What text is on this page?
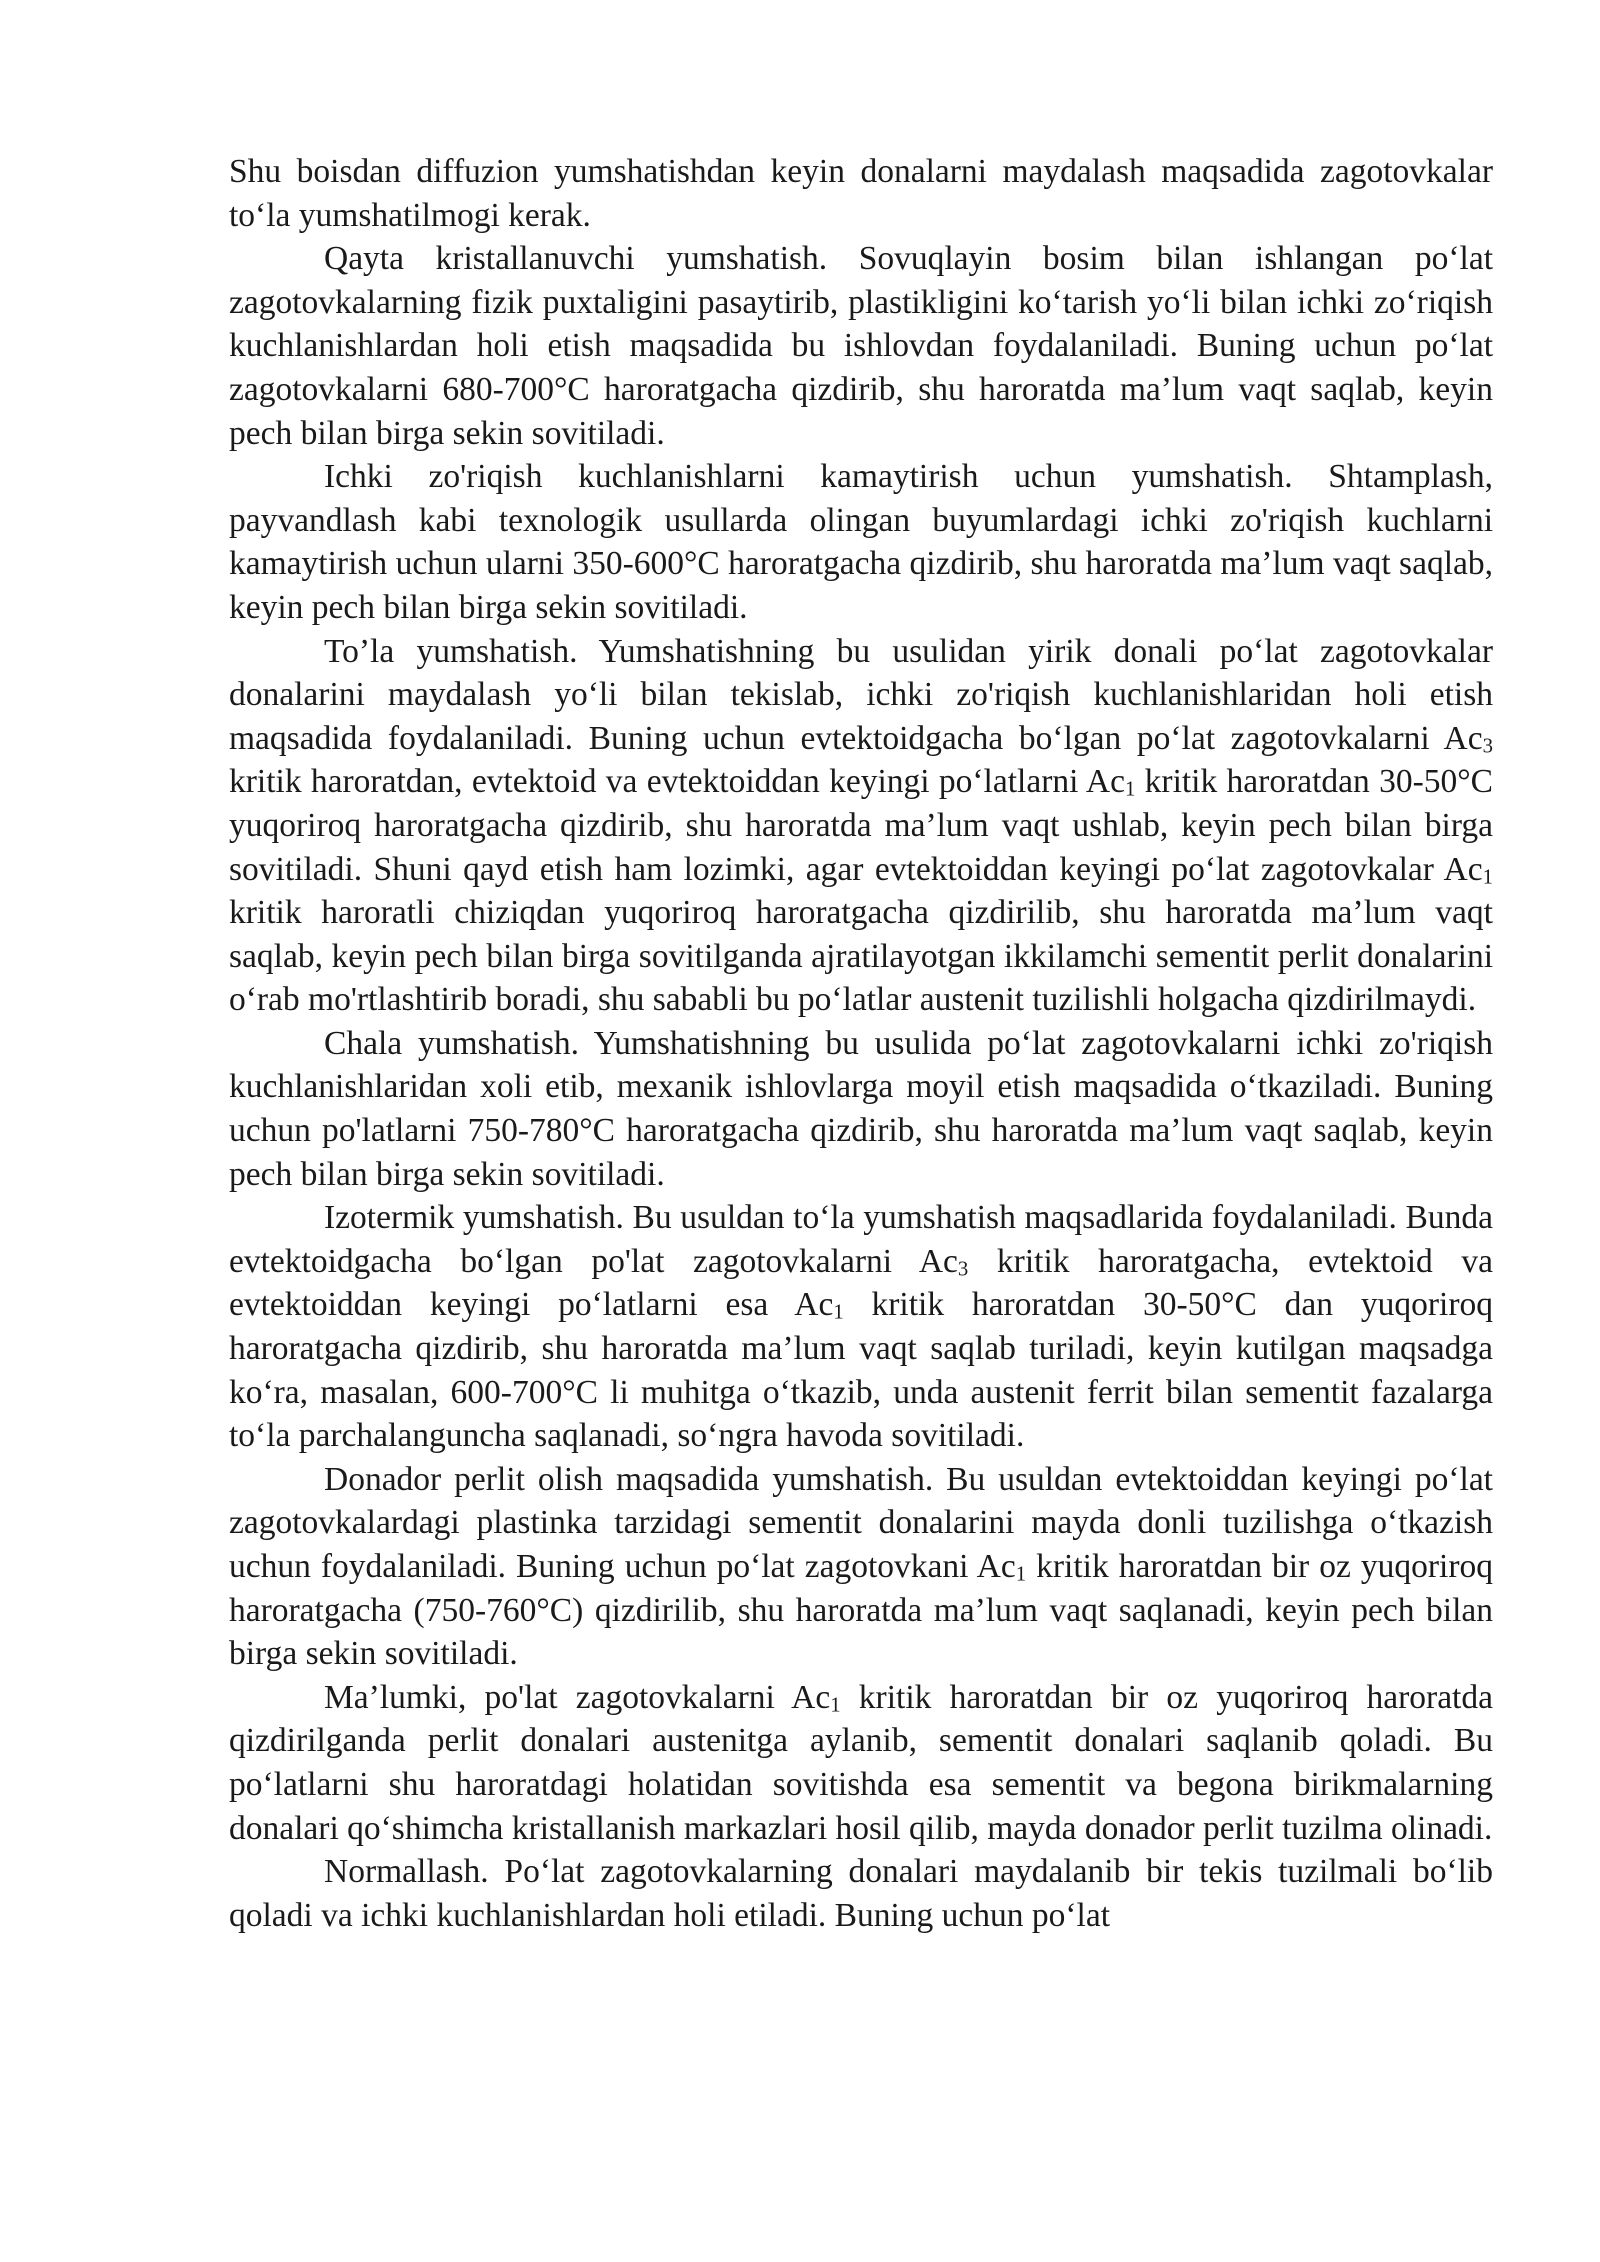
Shu boisdan diffuzion yumshatishdan keyin donalarni maydalash maqsadida zagotovkalar to‘la yumshatilmogi kerak.

Qayta kristallanuvchi yumshatish. Sovuqlayin bosim bilan ishlangan po‘lat zagotovkalarning fizik puxtaligini pasaytirib, plastikligini ko‘tarish yo‘li bilan ichki zo‘riqish kuchlanishlardan holi etish maqsadida bu ishlovdan foydalaniladi. Buning uchun po‘lat zagotovkalarni 680-700°C haroratgacha qizdirib, shu haroratda ma’lum vaqt saqlab, keyin pech bilan birga sekin sovitiladi.

Ichki zo'riqish kuchlanishlarni kamaytirish uchun yumshatish. Shtamplash, payvandlash kabi texnologik usullarda olingan buyumlardagi ichki zo'riqish kuchlarni kamaytirish uchun ularni 350-600°C haroratgacha qizdirib, shu haroratda ma’lum vaqt saqlab, keyin pech bilan birga sekin sovitiladi.

To’la yumshatish. Yumshatishning bu usulidan yirik donali po‘lat zagotovkalar donalarini maydalash yo‘li bilan tekislab, ichki zo'riqish kuchlanishlaridan holi etish maqsadida foydalaniladi. Buning uchun evtektoidgacha bo‘lgan po‘lat zagotovkalarni $Ac_3$ kritik haroratdan, evtektoid va evtektoiddan keyingi po‘latlarni $Ac_1$ kritik haroratdan 30-50°C yuqoriroq haroratgacha qizdirib, shu haroratda ma’lum vaqt ushlab, keyin pech bilan birga sovitiladi. Shuni qayd etish ham lozimki, agar evtektoiddan keyingi po‘lat zagotovkalar $Ac_1$ kritik haroratli chiziqdan yuqoriroq haroratgacha qizdirilib, shu haroratda ma’lum vaqt saqlab, keyin pech bilan birga sovitilganda ajratilayotgan ikkilamchi sementit perlit donalarini o‘rab mo'rtlashtirib boradi, shu sababli bu po‘latlar austenit tuzilishli holgacha qizdirilmaydi.

Chala yumshatish. Yumshatishning bu usulida po‘lat zagotovkalarni ichki zo'riqish kuchlanishlaridan xoli etib, mexanik ishlovlarga moyil etish maqsadida o‘tkaziladi. Buning uchun po'latlarni 750-780°C haroratgacha qizdirib, shu haroratda ma’lum vaqt saqlab, keyin pech bilan birga sekin sovitiladi.

Izotermik yumshatish. Bu usuldan to‘la yumshatish maqsadlarida foydalaniladi. Bunda evtektoidgacha bo‘lgan po'lat zagotovkalarni $Ac_3$ kritik haroratgacha, evtektoid va evtektoiddan keyingi po‘latlarni esa $Ac_1$ kritik haroratdan 30-50°C dan yuqoriroq haroratgacha qizdirib, shu haroratda ma’lum vaqt saqlab turiladi, keyin kutilgan maqsadga ko‘ra, masalan, 600-700°C li muhitga o‘tkazib, unda austenit ferrit bilan sementit fazalarga to‘la parchalanguncha saqlanadi, so‘ngra havoda sovitiladi.

Donador perlit olish maqsadida yumshatish. Bu usuldan evtektoiddan keyingi po‘lat zagotovkalardagi plastinka tarzidagi sementit donalarini mayda donli tuzilishga o‘tkazish uchun foydalaniladi. Buning uchun po‘lat zagotovkani $Ac_1$ kritik haroratdan bir oz yuqoriroq haroratgacha (750-760°C) qizdirilib, shu haroratda ma’lum vaqt saqlanadi, keyin pech bilan birga sekin sovitiladi.

Ma’lumki, po'lat zagotovkalarni $Ac_1$ kritik haroratdan bir oz yuqoriroq haroratda qizdirilganda perlit donalari austenitga aylanib, sementit donalari saqlanib qoladi. Bu po‘latlarni shu haroratdagi holatidan sovitishda esa sementit va begona birikmalarning donalari qo‘shimcha kristallanish markazlari hosil qilib, mayda donador perlit tuzilma olinadi.

Normallash. Po‘lat zagotovkalarning donalari maydalanib bir tekis tuzilmali bo‘lib qoladi va ichki kuchlanishlardan holi etiladi. Buning uchun po‘lat
